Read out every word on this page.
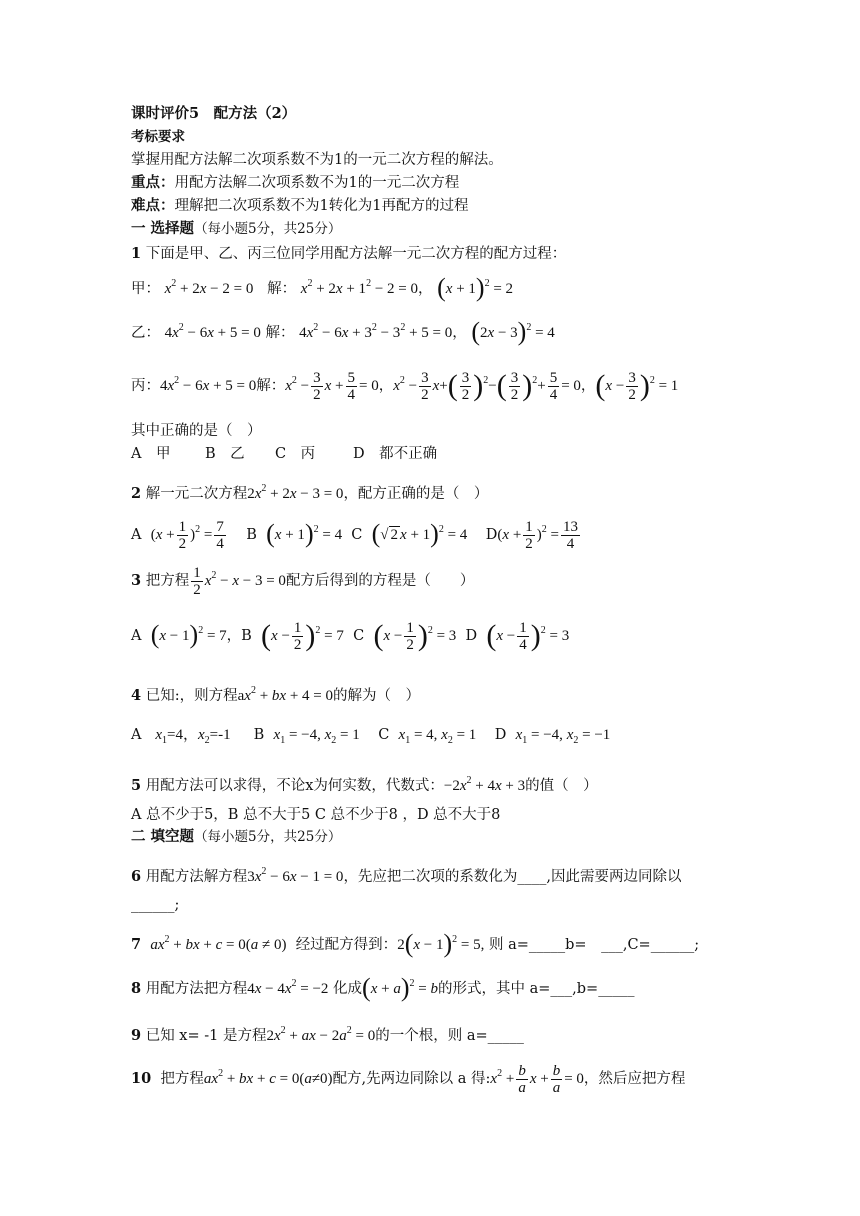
课时评价5　配方法（2）
考标要求
掌握用配方法解二次项系数不为1的一元二次方程的解法。
重点：用配方法解二次项系数不为1的一元二次方程
难点：理解把二次项系数不为1转化为1再配方的过程
一 选择题（每小题5分，共25分）
1 下面是甲、乙、丙三位同学用配方法解一元二次方程的配方过程：
甲： $x^2 + 2x - 2 = 0$ 解： $x^2 + 2x + 1^2 - 2 = 0$， $(x + 1)^2 = 2$
乙： $4x^2 - 6x + 5 = 0$ 解： $4x^2 - 6x + 3^2 - 3^2 + 5 = 0$， $(2x - 3)^2 = 4$
丙：$4x^2 - 6x + 5 = 0$解：$x^2 - \frac{3}{2}$ $x + \frac{5}{4} = 0$，$x^2 - \frac{3}{2} x+( \frac{3}{2} )^2-( \frac{3}{2} )^2+ \frac{5}{4} = 0$，$(x - \frac{3}{2} )^2 = 1$
其中正确的是（　）
A　甲 B　乙 C　丙	D　都不正确
2 解一元二次方程$2x^2 + 2x - 3 = 0$，配方正确的是（　）
A $(x + \frac{1}{2} )^2 = \frac{7}{4}$ B $(x + 1)^2 = 4$ C (√ 2 x + 1)$^2$ = 4 $D(x + \frac{1}{2} )^2 = \frac{13}{4}$
3 把方程 $\frac{1}{2} x^2 - x - 3 = 0$配方后得到的方程是（　　）
A $(x - 1)^2 = 7$，B $(x - \frac{1}{2} )^2 = 7$ C $(x - \frac{1}{2} )^2 = 3$ D $(x - \frac{1}{4} )^2 = 3$
4 已知:，则方程$ax^2$ + bx + 4 = 0的解为（　）
A $x_1=4$，$x_2=-1$ B $x_1 = -4$, $x_2 = 1$ C $x_1 = 4$, $x_2 = 1$ D $x_1 = -4$, $x_2 = -1$
5 用配方法可以求得，不论x为何实数，代数式：$-2x^2 + 4x + 3$的值（　）
A 总不少于5，B 总不大于5 C 总不少于8 ，D 总不大于8
二 填空题（每小题5分，共25分）
6 用配方法解方程$3x^2 - 6x - 1 = 0$，先应把二次项的系数化为____,因此需要两边同除以
______;
7 $ax^2$ + bx + c = 0(a ≠ 0) 经过配方得到：$2(x - 1)^2 = 5$, 则 a=_____b=　___,C=______;
8 用配方法把方程$4x - 4x^2 = -2$ 化成$(x + a)^2 = b$的形式，其中 a=___,b=_____
9 已知 x= -1 是方程$2x^2$ + ax − $2a^2 = 0$的一个根，则 a=_____
10 把方程$ax^2$ + bx + c = 0(a≠0)配方,先两边同除以 a 得$:x^2 + \frac{b}{a}$ $x + \frac{b}{a} = 0$，然后应把方程
